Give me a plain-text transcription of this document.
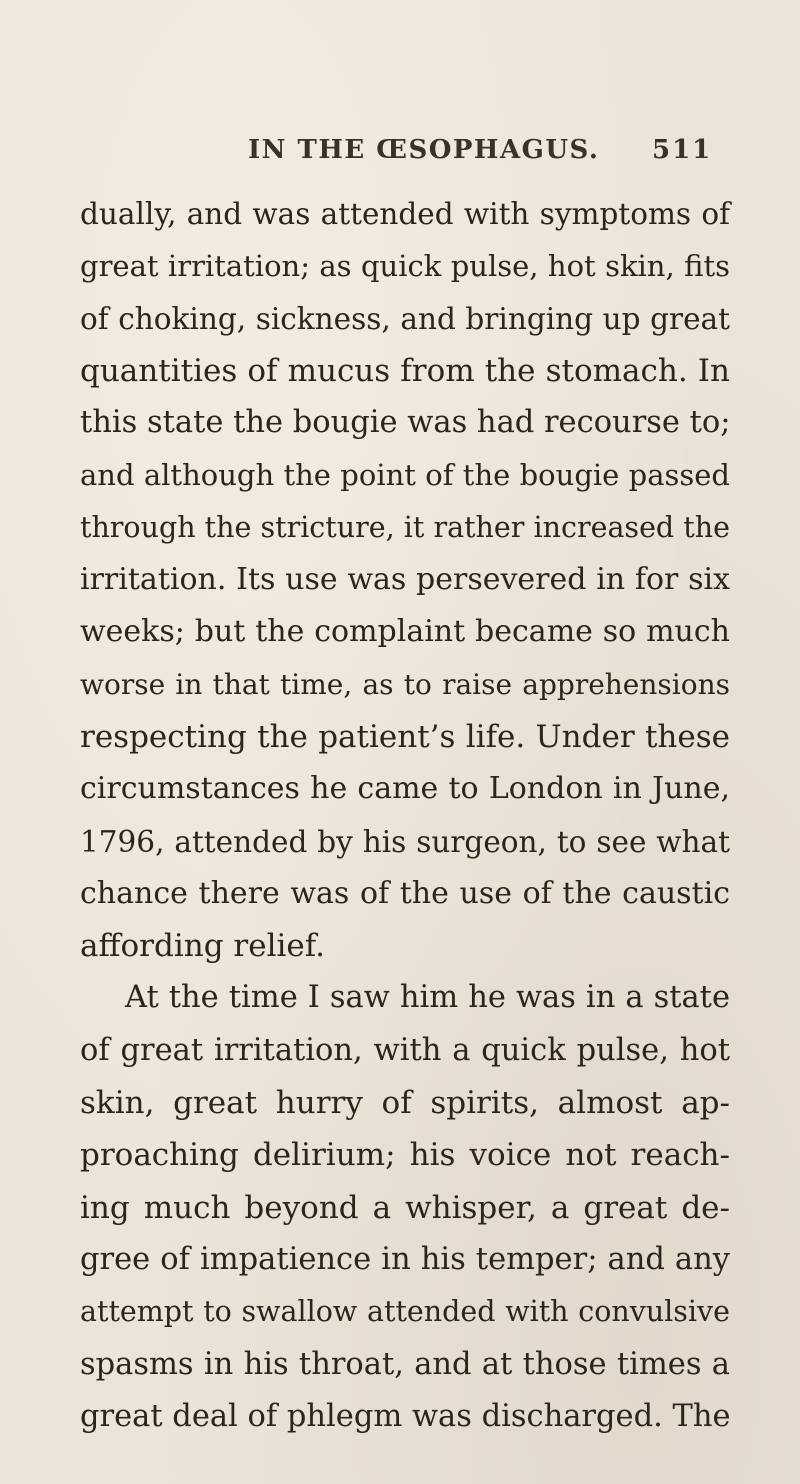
IN THE ŒSOPHAGUS. 511
dually, and was attended with symptoms of
great irritation; as quick pulse, hot skin, fits
of choking, sickness, and bringing up great
quantities of mucus from the stomach. In
this state the bougie was had recourse to;
and although the point of the bougie passed
through the stricture, it rather increased the
irritation. Its use was persevered in for six
weeks; but the complaint became so much
worse in that time, as to raise apprehensions
respecting the patient’s life. Under these
circumstances he came to London in June,
1796, attended by his surgeon, to see what
chance there was of the use of the caustic
affording relief.
At the time I saw him he was in a state
of great irritation, with a quick pulse, hot
skin, great hurry of spirits, almost ap-
proaching delirium; his voice not reach-
ing much beyond a whisper, a great de-
gree of impatience in his temper; and any
attempt to swallow attended with convulsive
spasms in his throat, and at those times a
great deal of phlegm was discharged. The
